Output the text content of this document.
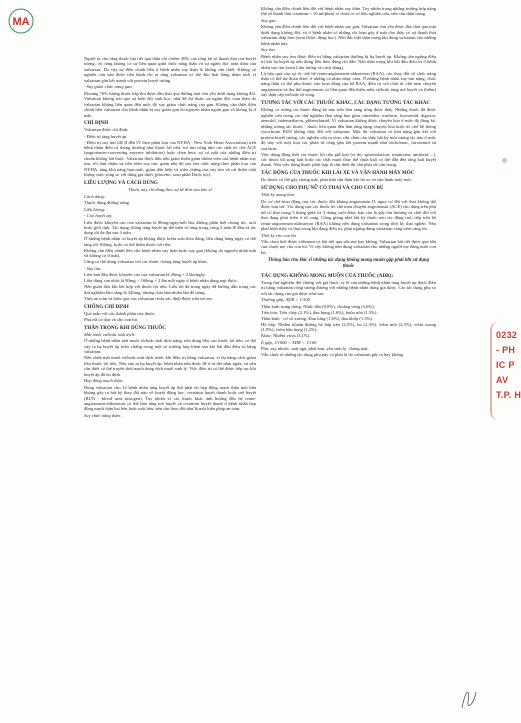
MA

Người ta cho rằng thuốc bài tiết qua thận chỉ chiếm 30% của tổng hệ số thanh thải của huyết tương, và cũng không có sự liên quan giữa chức năng thận và sự ngấm đọc toàn thân của valsartan. Do vậy sự điều chỉnh liều ở bệnh nhân suy thận là không cần thiết. Không có nghiên cứu nào được tiến hành chỉ ra rằng valsartan có thể đào thải bằng thẩm tách vì valsartan gắn kết mạnh với protein huyết tương.

- Suy giảm chức năng gan:

Khoảng 70% lượng thuốc hấp thu được đào thải qua đường mật chủ yếu dưới dạng không đổi. Valsartan không trải qua sự biến đổi sinh học, như đã dự đoán, sự ngấm độc toàn thân do valsartan không liên quan đến mức độ suy giảm chức năng của gan. Không cần thiết điều chỉnh liều valsartan cho bệnh nhân bị suy giảm gan do nguyên nhân ngoài gan và không bị ứ mật.

CHỈ ĐỊNH

Valsartan được chỉ định:

- Điều trị tăng huyết áp.

- Điều trị suy tim (độ II đến IV theo phân loại của NYHA - New York Heart Association) trên bệnh nhân điều trị thông thường như thuốc lợi tiểu, trợ tim cũng như các chất ức chế ACE (angiotensin-converting enzyme inhibitors) hoặc chẹn beta, sự có mặt của những điều trị chuẩn không bắt buộc. Valsartan được đầu tiên giảm thiểu giảm nhóm viên của bệnh nhân suy tim, rồi làm chậm sự tiến triển suy tim, giảm nhẹ độ suy tim chức năng theo phân loại của NYHA, tăng khả năng hạn mức, giảm dấu hiệu và triệu chứng của suy tim và cải thiện chất lượng cuộc sống so với dùng giả dược (placebo; xem phần Dược lực).

LIỀU LƯỢNG VÀ CÁCH DÙNG

Thuốc này chỉ dùng theo sự kê đơn của bác sĩ

Cách dùng:

Thuốc dùng đường uống.

Liều lượng:

- Cao huyết áp:

Liều được khuyến cáo của valsartan là 80mg/ngày/mỗi lần, không phân biệt chủng tộc, tuổi hoặc giới tính. Tác dụng chống tăng huyết áp thể hiện rõ ràng trong vòng 2 tuần lễ đầu và tác dụng tối đa đạt sau 4 tuần.

Ở những bệnh nhân có huyết áp không được kiểm soát thỏa đáng, liều dùng hàng ngày có thể tăng tới 160mg, hoặc có thể thêm thuốc lợi tiểu.

Không cần điều chỉnh liều cho bệnh nhân suy thận hoặc suy gan (không do nguyên nhân mật và không có ứ mật).

Cũng có thể dùng valsartan với các thuốc chống tăng huyết áp khác.

- Suy tim:

Liều ban đầu được khuyến cáo của valsartan là 40mg × 2 lần/ngày.

Liều dùng can nhắc là 80mg − 160mg × 2 lần mỗi ngày ở bệnh nhân dung nạp được.

Nên giảm liều khi kết hợp với thuốc lợi tiểu. Liều tối đa trong ngày đã hướng dẫn trong các thử nghiệm lâm sàng là 320mg, nhưng chia làm nhiều lần để uống.

Tính an toàn và hiệu quả của valsartan chưa xác định được trên trẻ em.

CHỐNG CHỈ ĐỊNH

Quá mẫn với các thành phần của thuốc.

Phụ nữ có thai và cho con bú.

THẬN TRỌNG KHI DÙNG THUỐC

Mất muối và/hoặc mất dịch:

Ở những bệnh nhân mất muối và/hoặc mất dịch nặng, nếu dùng liều cao thuốc lợi tiểu, có thể xảy ra hạ huyết áp triệu chứng trong một số trường hợp hiếm sau khi bắt đầu điều trị bằng valsartan.

Nên chữa mất muối và/hoặc mất dịch trước khi điều trị bằng valsartan, ví dụ bằng cách giảm liều thuốc lợi tiểu. Nếu xảy ra hạ huyết áp, bệnh nhân nên được để ở tư thế nằm ngửa, và nếu cần thiết có thể truyền tĩnh mạch dung dịch muối sinh lý. Việc điều trị có thể được tiếp tục khi huyết áp đã ổn định.

Hẹp động mạch thận:

Dùng valsartan cho 12 bệnh nhân tăng huyết áp thứ phát do hẹp động mạch thận một bên không gây ra bất kỳ thay đổi nào về huyết động học, creatinin huyết thanh hoặc urê huyết (BUN - blood urea nitrogen). Tuy nhiên vì các thuốc khác ảnh hưởng đến hệ renin-angiotensin-aldosteron có thể làm tăng urê huyết và creatinin huyết thanh ở bệnh nhân hẹp động mạch thận hai bên hoặc một bên, nên cần theo dõi như là một biện pháp an toàn.

Suy chức năng thận:

Không cần điều chỉnh liều đối với bệnh nhân suy thận. Tuy nhiên trong những trường hợp nặng (hệ số thanh thải creatinin < 10 ml/phút) vì chưa có số liệu nghiên cứu, nên cẩn thận trọng.

Suy gan:

Không cần điều chỉnh liều đối với bệnh nhân suy gan. Valsartan chủ yếu được đào thải qua mật dưới dạng không đổi, và ở bệnh nhân có những rối loạn gây ứ mật cho thấy có sự thanh thải valsartan thấp hơn (xem Dược động học). Nên đặc biệt thận trọng khi dùng valsartan cho những bệnh nhân này.

Suy tim:

Bệnh nhân suy tim được điều trị bằng valsartan thường bị hạ huyết áp. Không cần ngừng điều trị khi hạ huyết áp nếu dùng liều theo đúng chỉ dẫn. Nên thận trọng khi bắt đầu điều trị ở bệnh nhân suy tim (xem Liều lượng và cách dùng).

Là hậu quả của sự ức chế hệ renin-angiotensin-aldosteron (RAA), các thay đổi về chức năng thận có thể dự đoán được ở những cá nhân nhạy cảm. Ở những bệnh nhân suy tim nặng, chức năng thận có thể phụ thuộc vào hoạt động của hệ RAA, điều trị với chất ức chế men chuyển angiotensin và thụ thể angiotensin có liên quan đến thiểu niệu và/hoặc tăng urê huyết và (hiếm) suy thận cấp và/hoặc tử vong.

TƯƠNG TÁC VỚI CÁC THUỐC KHÁC, CÁC DẠNG TƯƠNG TÁC KHÁC

Không có tương tác thuốc đáng kể nào trên lâm sàng từng được thấy. Những thuốc đã được nghiên cứu trong các thử nghiệm lâm sàng bao gồm cimetidin, warfarin, furosemid, digoxin, atenolol, indomethacin, glibenclamid. Vì valsartan không được chuyển hóa ở mức độ đáng kể, những tương tác thuốc - thuốc liên quan đến làm tăng dạng chuyển hóa hoặc ức chế hệ thống cytochrom P450 không thấy đối với valsartan. Mặc dù valsartan có khả năng gắn kết với protein huyết tương, các nghiên cứu in vitro vẫn chưa cho thấy bất kỳ một tương tác nào ở mức độ này với một loạt các phân tử cũng gắn kết protein mạnh như diclofenac, furosemid và warfarin.

Việc dùng đồng thời các thuốc lợi tiểu giữ kali (ví dụ: spironolacton, triamteren, amilorid ...), các thuốc bổ sung kali hoặc các chất muối thay thế chứa kali có thể dẫn đến tăng kali huyết thanh. Nếu việc dùng thuốc phối hợp là cần thiết thì cần phải rất cẩn trọng.

TÁC ĐỘNG CỦA THUỐC KHI LÁI XE VÀ VẬN HÀNH MÁY MÓC

Do thuốc có thể gây chóng mặt, phải thật cẩn thận khi lái xe và vận hành máy móc.

SỬ DỤNG CHO PHỤ NỮ CÓ THAI VÀ CHO CON BÚ

Thời kỳ mang thai

Do cơ chế hoạt động của các thuốc đối kháng angiotensin II, nguy cơ đối với thai không thể được loại trừ. Tác dụng của các thuốc ức chế men chuyển angiotensin (ACE) cho dùng trên phụ nữ có thai trong 3 tháng giữa và 3 tháng cuối được báo cáo là gây tổn thương và chết đối với thai đang phát triển ở tử cung. Cũng giống như bất kỳ thuốc nào tác động trực tiếp trên hệ renin-angiotensin-aldosteron (RAA) không nên dùng valsartan trong thời kỳ thai nghén. Nếu phát hiện thấy có thai trong khi đang điều trị, phải ngừng dùng valsartan càng sớm càng tốt.

Thời kỳ cho con bú

Vẫn chưa biết được valsartan có bài tiết qua sữa mẹ hay không. Valsartan bài tiết được qua sữa của chuột mẹ cho con bú. Vì vậy không nên dùng valsartan cho những người mẹ đang nuôi con bú.

Thông báo cho Bác sĩ những tác dụng không mong muốn gặp phải khi sử dụng thuốc

TÁC DỤNG KHÔNG MONG MUỐN CỦA THUỐC (ADR):

Trong thử nghiệm đối chứng với giả dược, tỷ lệ của những bệnh nhân tăng huyết áp được điều trị bằng valsartan cũng tương đương với những bệnh nhân dùng giả dược. Các tác dụng phụ so với tác dụng của giả dược như sau:

Thường gặp, ADR > 1/100

Thần kinh trung ương: Nhức đầu (9,8%), choáng váng (3,6%).

Tiêu hóa: Tiêu chảy (2,1%), đau bụng (1,6%), buồn nôn (1,5%).

Thần kinh - cơ và xương: Đau lưng (1,6%), đau khớp (1,3%).

Hô hấp: Nhiễm khuẩn đường hô hấp trên (2,5%), ho (2,3%), viêm mũi (2,3%), viêm xoang (1,9%), viêm hầu họng (1,2%).

Khác: Nhiễm virus (3,1%).

Ít gặp, 1/1000 < ADR < 1/100

Phù, suy nhược, mất ngủ, phát ban, yếu sinh lý, chóng mặt.

Vẫn chưa rõ những tác dụng phụ này có phải là do valsartan gây ra hay không.

0232
- PH
IC P
AV
T.P. H
